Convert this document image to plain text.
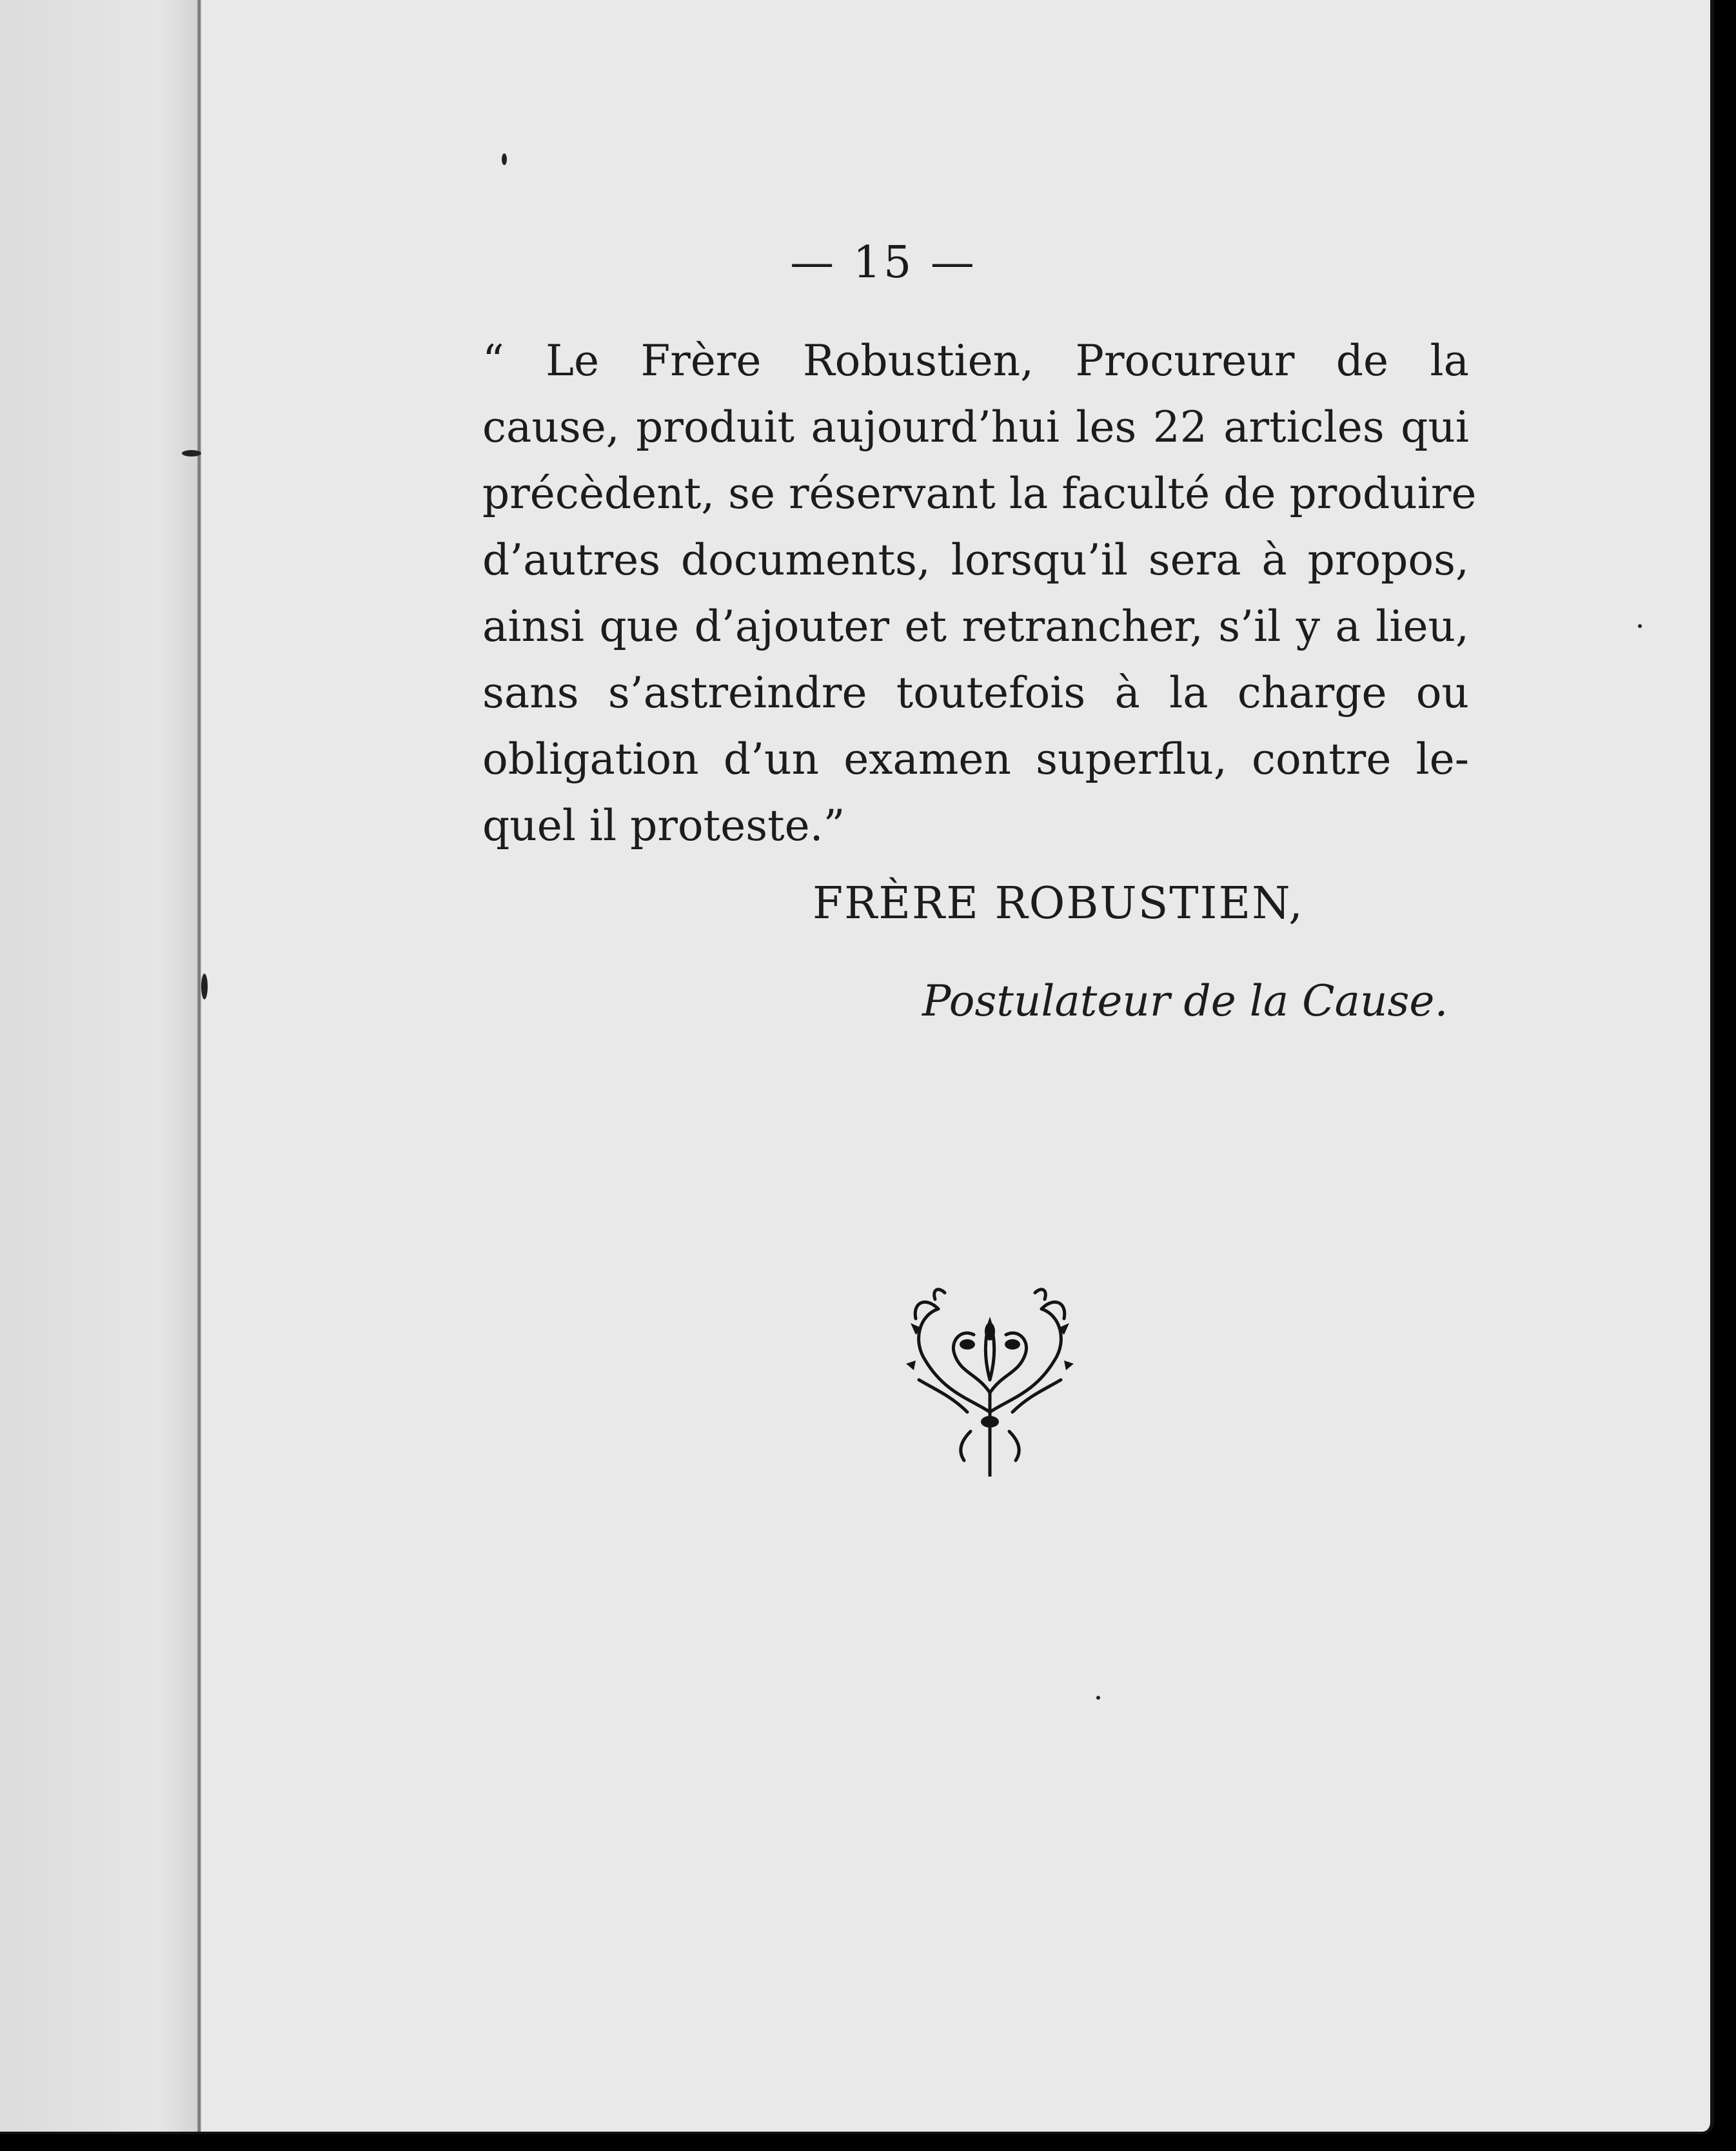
— 15 —
“ Le Frère Robustien, Procureur de la
cause, produit aujourd’hui les 22 articles qui
précèdent, se réservant la faculté de produire
d’autres documents, lorsqu’il sera à propos,
ainsi que d’ajouter et retrancher, s’il y a lieu,
sans s’astreindre toutefois à la charge ou
obligation d’un examen superflu, contre le-
quel il proteste.”
FRÈRE ROBUSTIEN,
Postulateur de la Cause.
